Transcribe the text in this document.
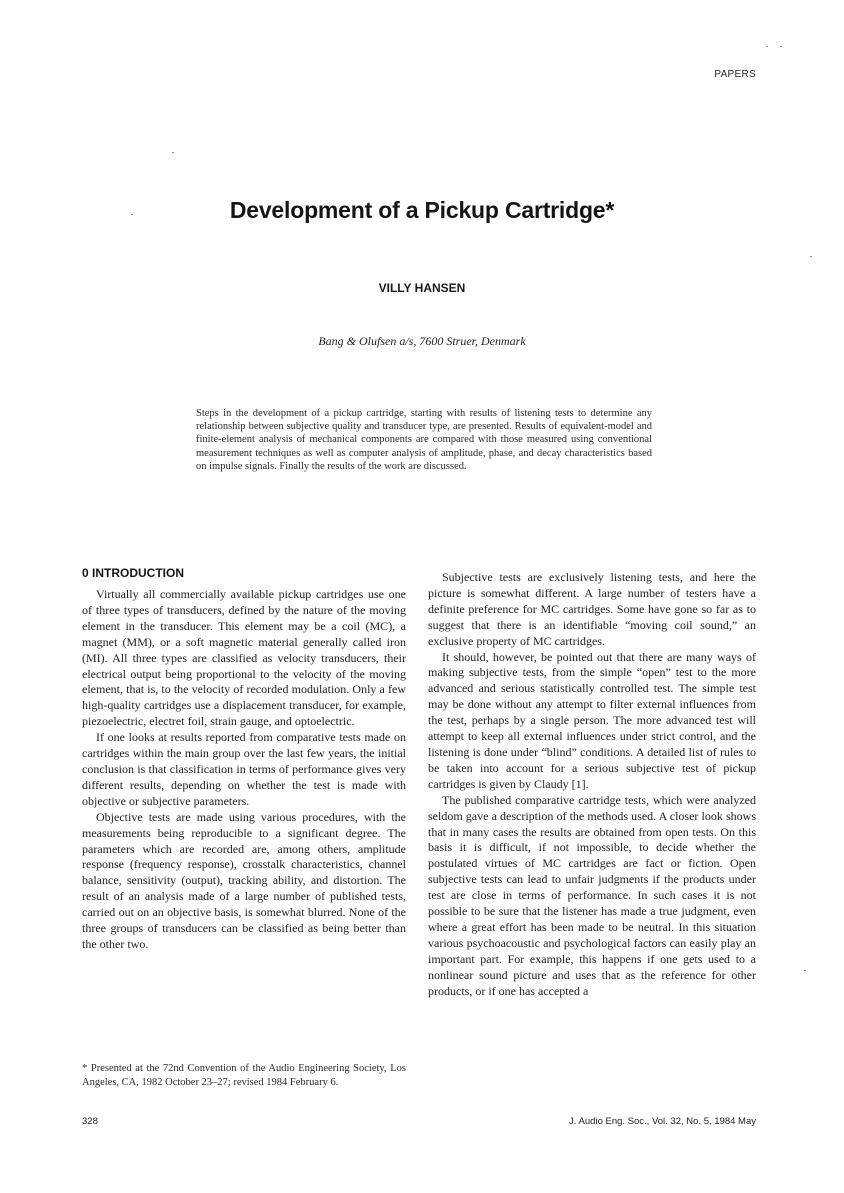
PAPERS
Development of a Pickup Cartridge*
VILLY HANSEN
Bang & Olufsen a/s, 7600 Struer, Denmark
Steps in the development of a pickup cartridge, starting with results of listening tests to determine any relationship between subjective quality and transducer type, are presented. Results of equivalent-model and finite-element analysis of mechanical components are compared with those measured using conventional measurement techniques as well as computer analysis of amplitude, phase, and decay characteristics based on impulse signals. Finally the results of the work are discussed.
0 INTRODUCTION

Virtually all commercially available pickup cartridges use one of three types of transducers, defined by the nature of the moving element in the transducer. This element may be a coil (MC), a magnet (MM), or a soft magnetic material generally called iron (MI). All three types are classified as velocity transducers, their electrical output being proportional to the velocity of the moving element, that is, to the velocity of recorded modulation. Only a few high-quality cartridges use a displacement transducer, for example, piezoelectric, electret foil, strain gauge, and optoelectric.

If one looks at results reported from comparative tests made on cartridges within the main group over the last few years, the initial conclusion is that classification in terms of performance gives very different results, depending on whether the test is made with objective or subjective parameters.

Objective tests are made using various procedures, with the measurements being reproducible to a significant degree. The parameters which are recorded are, among others, amplitude response (frequency response), crosstalk characteristics, channel balance, sensitivity (output), tracking ability, and distortion. The result of an analysis made of a large number of published tests, carried out on an objective basis, is somewhat blurred. None of the three groups of transducers can be classified as being better than the other two.

Subjective tests are exclusively listening tests, and here the picture is somewhat different. A large number of testers have a definite preference for MC cartridges. Some have gone so far as to suggest that there is an identifiable “moving coil sound,” an exclusive property of MC cartridges.

It should, however, be pointed out that there are many ways of making subjective tests, from the simple “open” test to the more advanced and serious statistically controlled test. The simple test may be done without any attempt to filter external influences from the test, perhaps by a single person. The more advanced test will attempt to keep all external influences under strict control, and the listening is done under “blind” conditions. A detailed list of rules to be taken into account for a serious subjective test of pickup cartridges is given by Claudy [1].

The published comparative cartridge tests, which were analyzed seldom gave a description of the methods used. A closer look shows that in many cases the results are obtained from open tests. On this basis it is difficult, if not impossible, to decide whether the postulated virtues of MC cartridges are fact or fiction. Open subjective tests can lead to unfair judgments if the products under test are close in terms of performance. In such cases it is not possible to be sure that the listener has made a true judgment, even where a great effort has been made to be neutral. In this situation various psychoacoustic and psychological factors can easily play an important part. For example, this happens if one gets used to a nonlinear sound picture and uses that as the reference for other products, or if one has accepted a

* Presented at the 72nd Convention of the Audio Engineering Society, Los Angeles, CA, 1982 October 23–27; revised 1984 February 6.
328	J. Audio Eng. Soc., Vol. 32, No. 5, 1984 May
